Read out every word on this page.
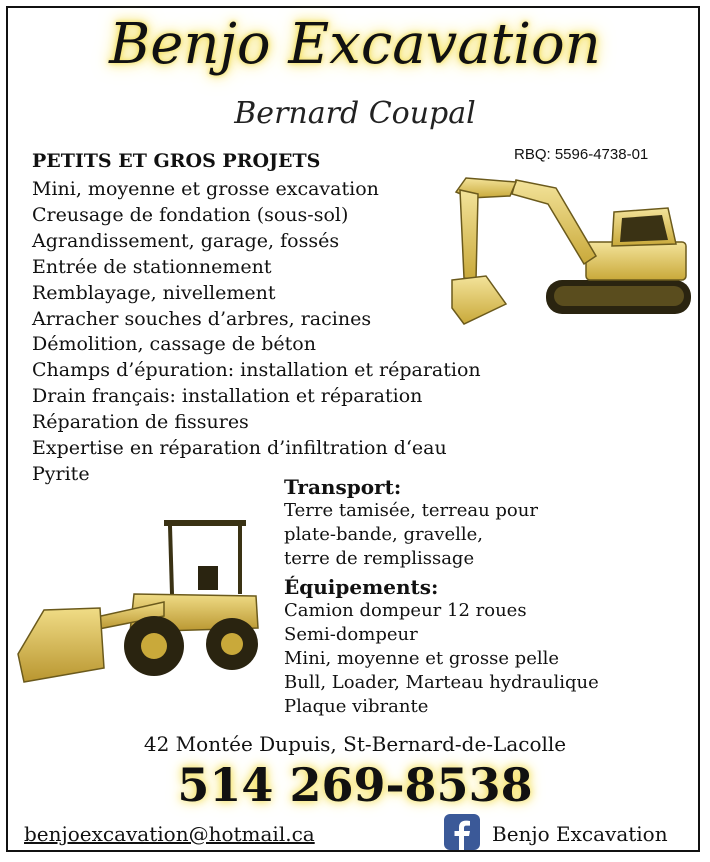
Benjo Excavation
Bernard Coupal
RBQ: 5596-4738-01
PETITS ET GROS PROJETS
Mini, moyenne et grosse excavation
Creusage de fondation (sous-sol)
Agrandissement, garage, fossés
Entrée de stationnement
Remblayage, nivellement
Arracher souches d’arbres, racines
Démolition, cassage de béton
Champs d’épuration: installation et réparation
Drain français: installation et réparation
Réparation de fissures
Expertise en réparation d’infiltration d‘eau
Pyrite
Transport:
Terre tamisée, terreau pour
plate-bande, gravelle,
terre de remplissage
Équipements:
Camion dompeur 12 roues
Semi-dompeur
Mini, moyenne et grosse pelle
Bull, Loader, Marteau hydraulique
Plaque vibrante
42 Montée Dupuis, St-Bernard-de-Lacolle
514 269-8538
benjoexcavation@hotmail.ca	Benjo Excavation
